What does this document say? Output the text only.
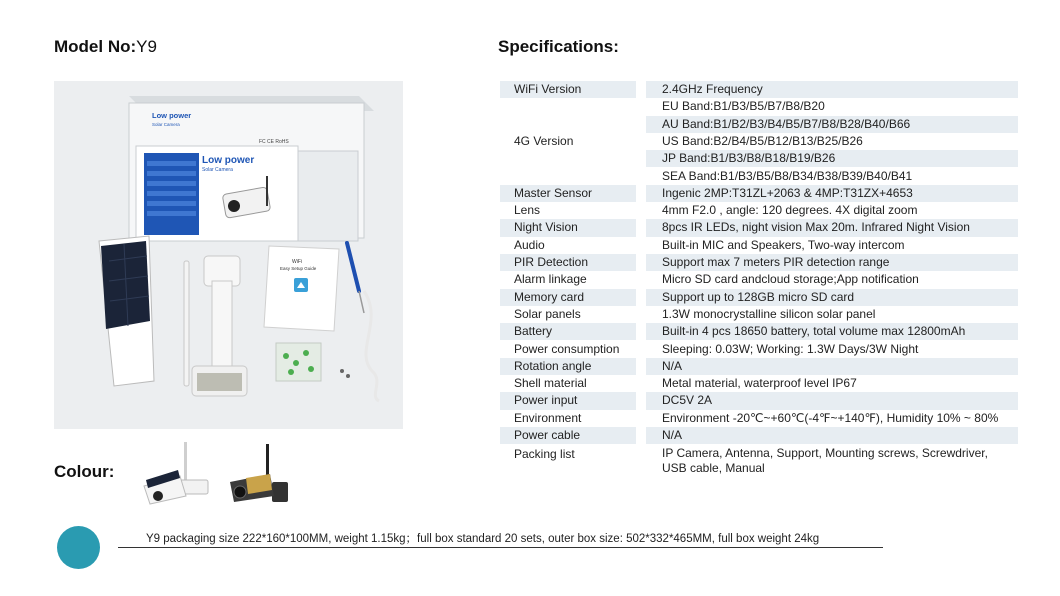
Model No:Y9	Specifications:
Low power
Solar Camera
FC CE RoHS
Low power
Solar Camera
WiFi
Easy Setup Guide
WiFi Version	2.4GHz Frequency
EU Band:B1/B3/B5/B7/B8/B20
AU Band:B1/B2/B3/B4/B5/B7/B8/B28/B40/B66
4G Version	US Band:B2/B4/B5/B12/B13/B25/B26
JP Band:B1/B3/B8/B18/B19/B26
SEA Band:B1/B3/B5/B8/B34/B38/B39/B40/B41
Master Sensor	Ingenic 2MP:T31ZL+2063 & 4MP:T31ZX+4653
Lens	4mm F2.0 , angle: 120 degrees. 4X digital zoom
Night Vision	8pcs IR LEDs, night vision Max 20m. Infrared Night Vision
Audio	Built-in MIC and Speakers, Two-way intercom
PIR Detection	Support max 7 meters PIR detection range
Alarm linkage	Micro SD card andcloud storage;App notification
Memory card	Support up to 128GB micro SD card
Solar panels	1.3W monocrystalline silicon solar panel
Battery	Built-in 4 pcs 18650 battery, total volume max 12800mAh
Power consumption	Sleeping: 0.03W; Working: 1.3W Days/3W Night
Rotation angle	N/A
Shell material	Metal material, waterproof level IP67
Power input	DC5V 2A
Environment	Environment -20℃~+60℃(-4℉~+140℉), Humidity 10% ~ 80%
Power cable	N/A
Packing list	IP Camera, Antenna, Support, Mounting screws, Screwdriver,
USB cable, Manual
Colour:
Y9 packaging size 222*160*100MM, weight 1.15kg；full box standard 20 sets, outer box size: 502*332*465MM, full box weight 24kg
